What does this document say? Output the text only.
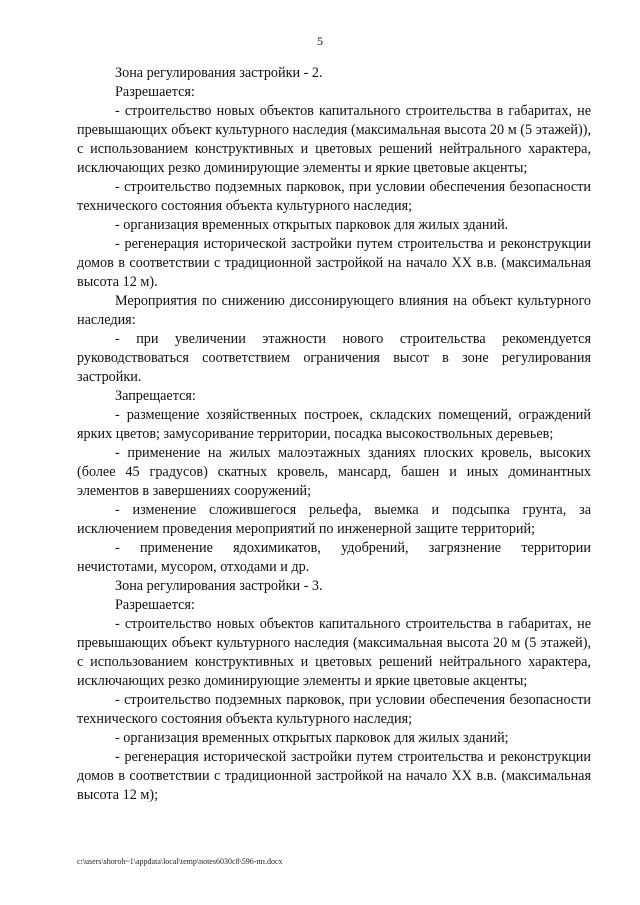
5

Зона регулирования застройки - 2.

Разрешается:

- строительство новых объектов капитального строительства в габаритах, не превышающих объект культурного наследия (максимальная высота 20 м (5 этажей)), с использованием конструктивных и цветовых решений нейтрального характера, исключающих резко доминирующие элементы и яркие цветовые акценты;

- строительство подземных парковок, при условии обеспечения безопасности технического состояния объекта культурного наследия;

- организация временных открытых парковок для жилых зданий.

- регенерация исторической застройки путем строительства и реконструкции домов в соответствии с традиционной застройкой на начало XX в.в. (максимальная высота 12 м).

Мероприятия по снижению диссонирующего влияния на объект культурного наследия:

- при увеличении этажности нового строительства рекомендуется руководствоваться соответствием ограничения высот в зоне регулирования застройки.

Запрещается:

- размещение хозяйственных построек, складских помещений, ограждений ярких цветов; замусоривание территории, посадка высокоствольных деревьев;

- применение на жилых малоэтажных зданиях плоских кровель, высоких (более 45 градусов) скатных кровель, мансард, башен и иных доминантных элементов в завершениях сооружений;

- изменение сложившегося рельефа, выемка и подсыпка грунта, за исключением проведения мероприятий по инженерной защите территорий;

- применение ядохимикатов, удобрений, загрязнение территории нечистотами, мусором, отходами и др.

Зона регулирования застройки - 3.

Разрешается:

- строительство новых объектов капитального строительства в габаритах, не превышающих объект культурного наследия (максимальная высота 20 м (5 этажей), с использованием конструктивных и цветовых решений нейтрального характера, исключающих резко доминирующие элементы и яркие цветовые акценты;

- строительство подземных парковок, при условии обеспечения безопасности технического состояния объекта культурного наследия;

- организация временных открытых парковок для жилых зданий;

- регенерация исторической застройки путем строительства и реконструкции домов в соответствии с традиционной застройкой на начало XX в.в. (максимальная высота 12 м);

c:\users\shoroh~1\appdata\local\temp\notes6030c8\596-пп.docx
